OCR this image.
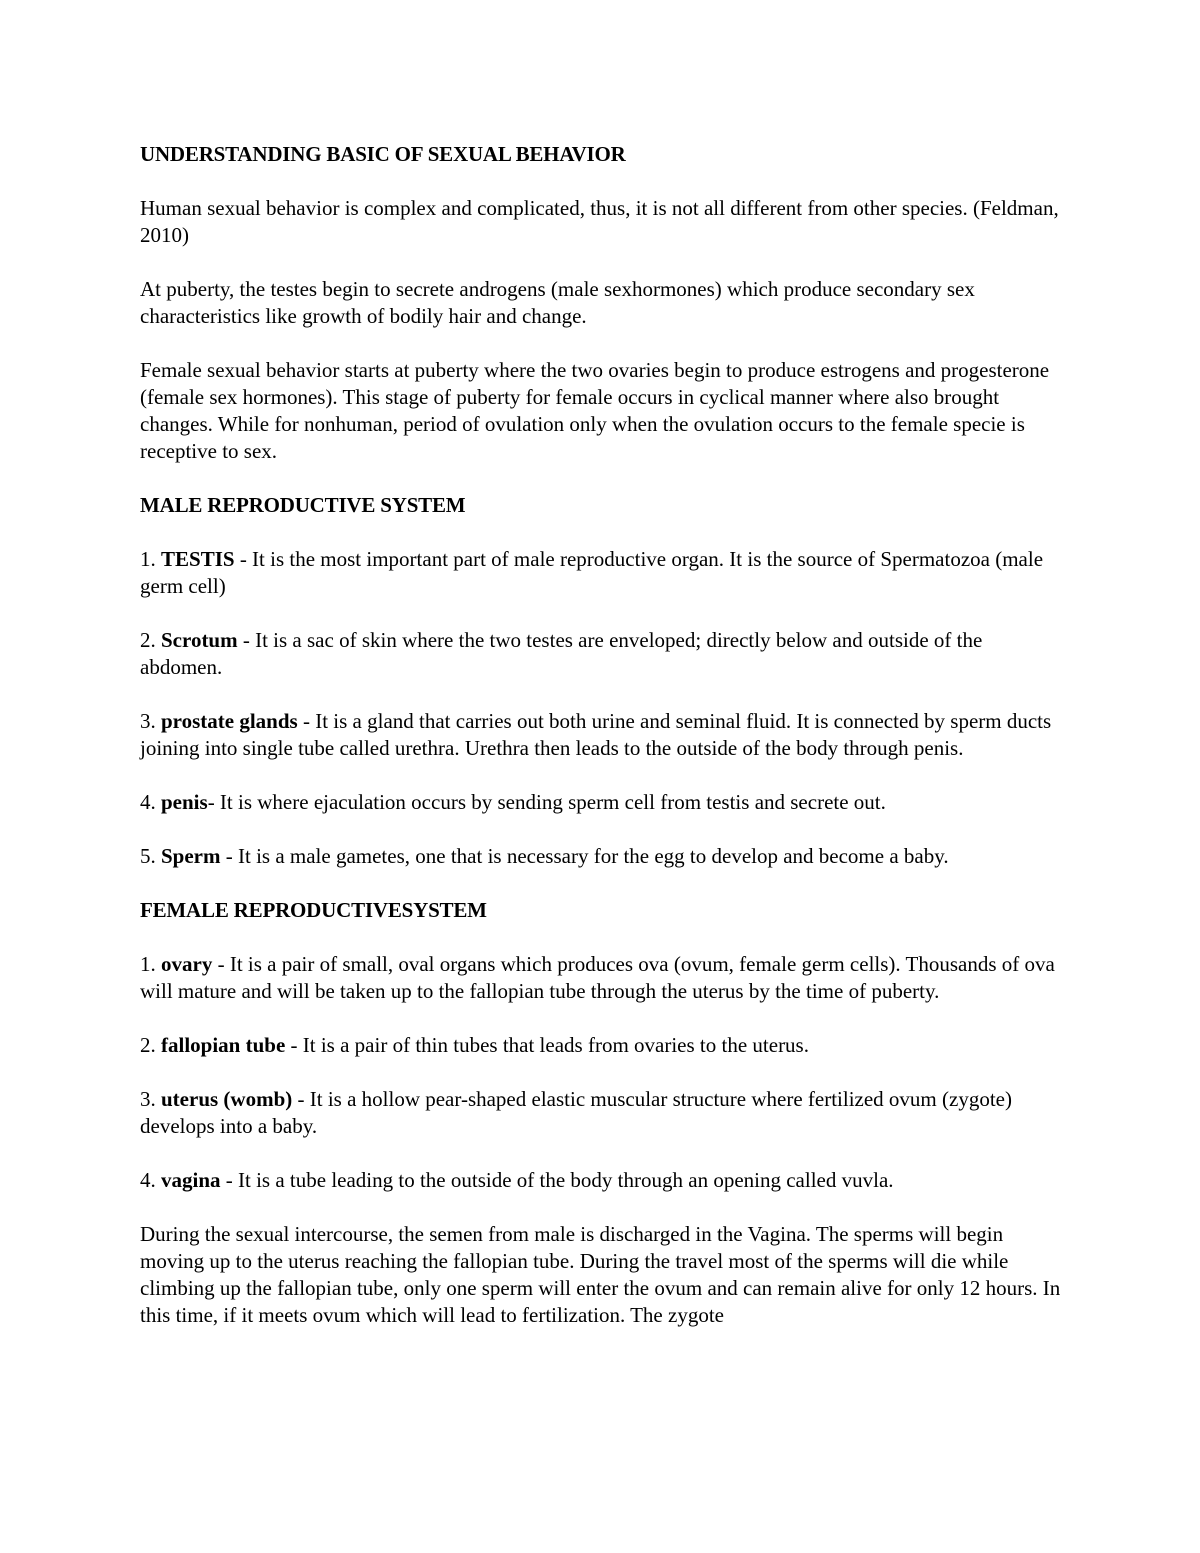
UNDERSTANDING BASIC OF SEXUAL BEHAVIOR

Human sexual behavior is complex and complicated, thus, it is not all different from other species. (Feldman, 2010)

At puberty, the testes begin to secrete androgens (male sexhormones) which produce secondary sex characteristics like growth of bodily hair and change.

Female sexual behavior starts at puberty where the two ovaries begin to produce estrogens and progesterone (female sex hormones). This stage of puberty for female occurs in cyclical manner where also brought changes. While for nonhuman, period of ovulation only when the ovulation occurs to the female specie is receptive to sex.

MALE REPRODUCTIVE SYSTEM

1. TESTIS - It is the most important part of male reproductive organ. It is the source of Spermatozoa (male germ cell)

2. Scrotum - It is a sac of skin where the two testes are enveloped; directly below and outside of the abdomen.

3. prostate glands - It is a gland that carries out both urine and seminal fluid. It is connected by sperm ducts joining into single tube called urethra. Urethra then leads to the outside of the body through penis.

4. penis- It is where ejaculation occurs by sending sperm cell from testis and secrete out.

5. Sperm - It is a male gametes, one that is necessary for the egg to develop and become a baby.

FEMALE REPRODUCTIVESYSTEM

1. ovary - It is a pair of small, oval organs which produces ova (ovum, female germ cells). Thousands of ova will mature and will be taken up to the fallopian tube through the uterus by the time of puberty.

2. fallopian tube - It is a pair of thin tubes that leads from ovaries to the uterus.

3. uterus (womb) - It is a hollow pear-shaped elastic muscular structure where fertilized ovum (zygote) develops into a baby.

4. vagina - It is a tube leading to the outside of the body through an opening called vuvla.

During the sexual intercourse, the semen from male is discharged in the Vagina. The sperms will begin moving up to the uterus reaching the fallopian tube. During the travel most of the sperms will die while climbing up the fallopian tube, only one sperm will enter the ovum and can remain alive for only 12 hours. In this time, if it meets ovum which will lead to fertilization. The zygote
